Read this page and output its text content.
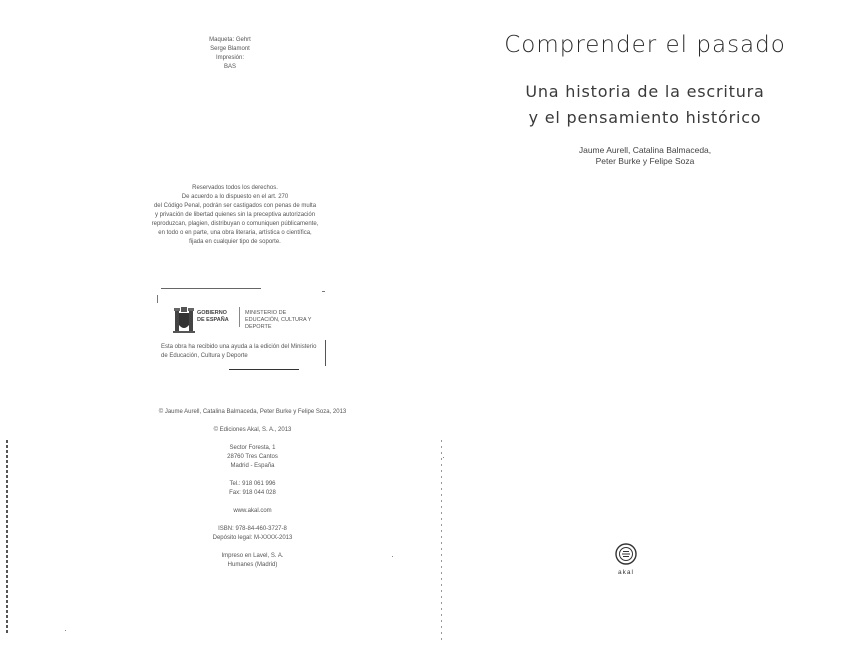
Maqueta: Gehrt
Serge Blamont
Impresión:
BAS
Reservados todos los derechos.
De acuerdo a lo dispuesto en el art. 270
del Código Penal, podrán ser castigados con penas de multa
y privación de libertad quienes sin la preceptiva autorización
reproduzcan, plagien, distribuyan o comuniquen públicamente,
en todo o en parte, una obra literaria, artística o científica,
fijada en cualquier tipo de soporte.
GOBIERNO DE ESPAÑA
MINISTERIO DE EDUCACIÓN, CULTURA Y DEPORTE
Esta obra ha recibido una ayuda a la edición del Ministerio de Educación, Cultura y Deporte
© Jaume Aurell, Catalina Balmaceda, Peter Burke y Felipe Soza, 2013
© Ediciones Akal, S. A., 2013
Sector Foresta, 1
28760 Tres Cantos
Madrid - España
Tel.: 918 061 996
Fax: 918 044 028
www.akal.com
ISBN: 978-84-460-3727-8
Depósito legal: M-XXXX-2013
Impreso en Lavel, S. A.
Humanes (Madrid)
Comprender el pasado
Una historia de la escritura
y el pensamiento histórico
Jaume Aurell, Catalina Balmaceda,
Peter Burke y Felipe Soza
akal
